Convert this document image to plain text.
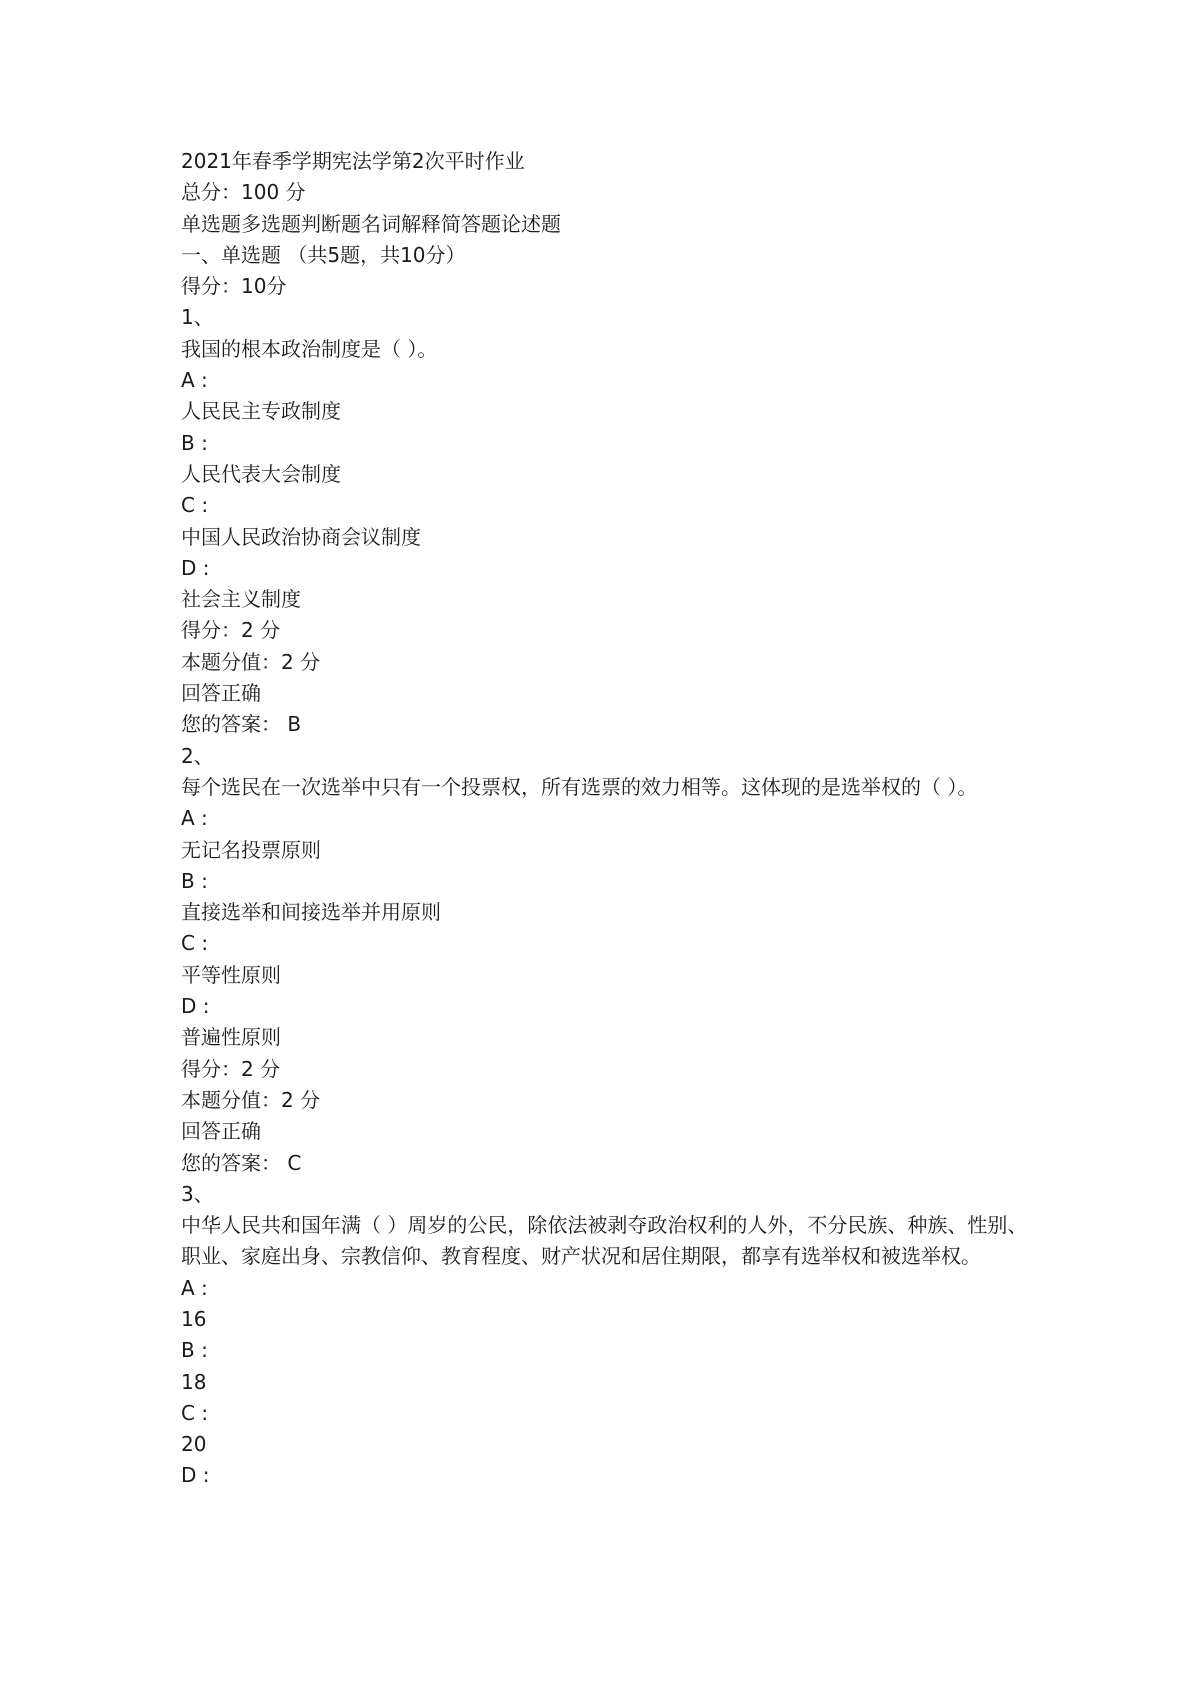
2021年春季学期宪法学第2次平时作业
总分：100 分
单选题多选题判断题名词解释简答题论述题
一、单选题 （共5题，共10分）
得分：10分
1、
我国的根本政治制度是（ ）。
A :
人民民主专政制度
B :
人民代表大会制度
C :
中国人民政治协商会议制度
D :
社会主义制度
得分：2 分
本题分值：2 分
回答正确
您的答案： B
2、
每个选民在一次选举中只有一个投票权，所有选票的效力相等。这体现的是选举权的（ ）。
A :
无记名投票原则
B :
直接选举和间接选举并用原则
C :
平等性原则
D :
普遍性原则
得分：2 分
本题分值：2 分
回答正确
您的答案： C
3、
中华人民共和国年满（ ）周岁的公民，除依法被剥夺政治权利的人外，不分民族、种族、性别、职业、家庭出身、宗教信仰、教育程度、财产状况和居住期限，都享有选举权和被选举权。
A :
16
B :
18
C :
20
D :
